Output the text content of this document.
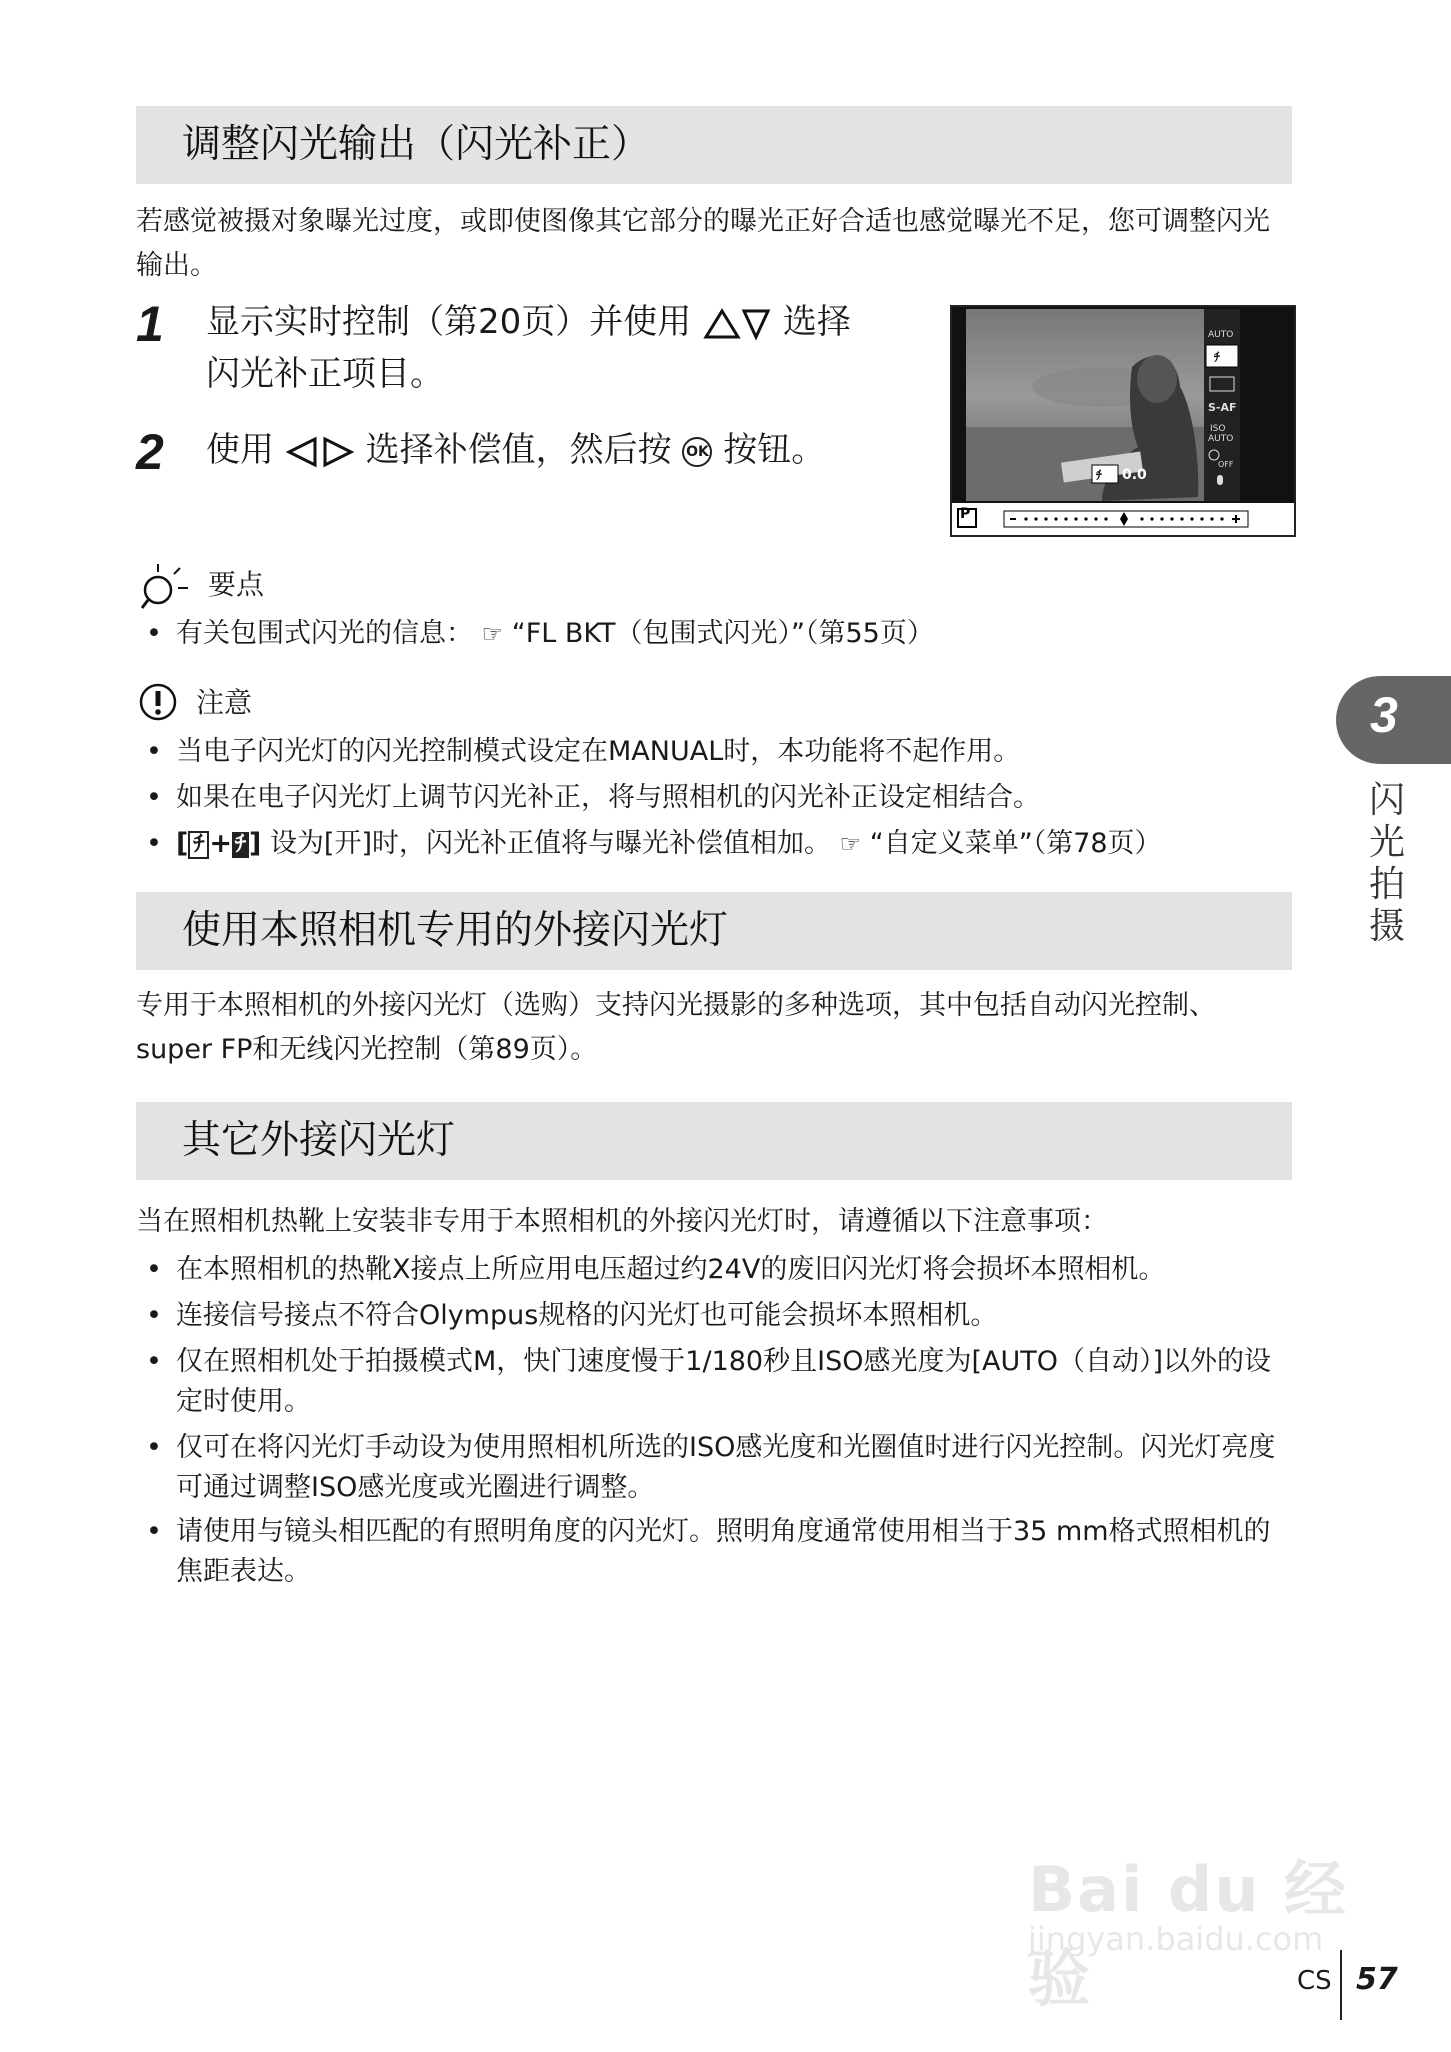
调整闪光输出（闪光补正）
若感觉被摄对象曝光过度，或即使图像其它部分的曝光正好合适也感觉曝光不足，您可调整闪光输出。
1 显示实时控制（第20页）并使用	选择
闪光补正项目。
2 使用	选择补偿值，然后按 OK 按钮。
ﾁ
AUTO
S-AF
ISO
AUTO
OFF
ﾁ
P
0.0
要点
• 有关包围式闪光的信息： ☞ “FL BKT（包围式闪光）”（第55页）
注意
• 当电子闪光灯的闪光控制模式设定在MANUAL时，本功能将不起作用。
• 如果在电子闪光灯上调节闪光补正，将与照相机的闪光补正设定相结合。
• [ ﾁ + ﾁ ] 设为[开]时，闪光补正值将与曝光补偿值相加。 ☞ “自定义菜单”（第78页）
使用本照相机专用的外接闪光灯
专用于本照相机的外接闪光灯（选购）支持闪光摄影的多种选项，其中包括自动闪光控制、super FP和无线闪光控制（第89页）。
其它外接闪光灯
当在照相机热靴上安装非专用于本照相机的外接闪光灯时，请遵循以下注意事项：
• 在本照相机的热靴X接点上所应用电压超过约24V的废旧闪光灯将会损坏本照相机。
• 连接信号接点不符合Olympus规格的闪光灯也可能会损坏本照相机。
• 仅在照相机处于拍摄模式M，快门速度慢于1/180秒且ISO感光度为[AUTO（自动）]以外的设定时使用。
• 仅可在将闪光灯手动设为使用照相机所选的ISO感光度和光圈值时进行闪光控制。闪光灯亮度可通过调整ISO感光度或光圈进行调整。
• 请使用与镜头相匹配的有照明角度的闪光灯。照明角度通常使用相当于35 mm格式照相机的焦距表达。
3
闪光拍摄
Bai du 经验
jingyan.baidu.com
CS 57
